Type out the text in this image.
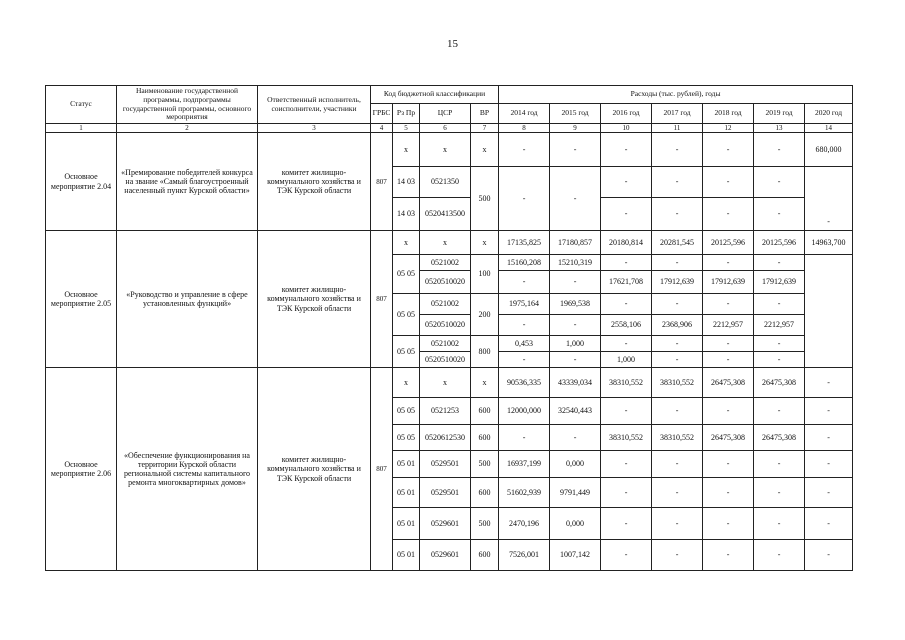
15
Статус	Наименование государственной программы, подпрограммы государственной программы, основного мероприятия	Ответственный исполнитель, соисполнители, участники	Код бюджетной классификации				Расходы (тыс. рублей), годы						
			ГРБС	Рз Пр	ЦСР	ВР	2014 год	2015 год	2016 год	2017 год	2018 год	2019 год	2020 год
1	2	3	4	5	6	7	8	9	10	11	12	13	14
Основное мероприятие 2.04	«Премирование победителей конкурса на звание «Самый благоустроенный населенный пункт Курской области»	комитет жилищно-коммунального хозяйства и ТЭК Курской области	807	x	x	x	-	-	-	-	-	-	680,000
				14 03	0521350	500	-	-	-	-	-	-	-
				14 03	0520413500				-	-	-	-	
Основное мероприятие 2.05	«Руководство и управление в сфере установленных функций»	комитет жилищно-коммунального хозяйства и ТЭК Курской области	807	x	x	x	17135,825	17180,857	20180,814	20281,545	20125,596	20125,596	14963,700
				05 05	0521002	100	15160,208	15210,319	-	-	-	-	
					0520510020		-	-	17621,708	17912,639	17912,639	17912,639	
				05 05	0521002	200	1975,164	1969,538	-	-	-	-	
					0520510020		-	-	2558,106	2368,906	2212,957	2212,957	
				05 05	0521002	800	0,453	1,000	-	-	-	-	
					0520510020		-	-	1,000	-	-	-	
Основное мероприятие 2.06	«Обеспечение функционирования на территории Курской области региональной системы капитального ремонта многоквартирных домов»	комитет жилищно-коммунального хозяйства и ТЭК Курской области	807	x	x	x	90536,335	43339,034	38310,552	38310,552	26475,308	26475,308	-
				05 05	0521253	600	12000,000	32540,443	-	-	-	-	-
				05 05	0520612530	600	-	-	38310,552	38310,552	26475,308	26475,308	-
				05 01	0529501	500	16937,199	0,000	-	-	-	-	-
				05 01	0529501	600	51602,939	9791,449	-	-	-	-	-
				05 01	0529601	500	2470,196	0,000	-	-	-	-	-
				05 01	0529601	600	7526,001	1007,142	-	-	-	-	-
